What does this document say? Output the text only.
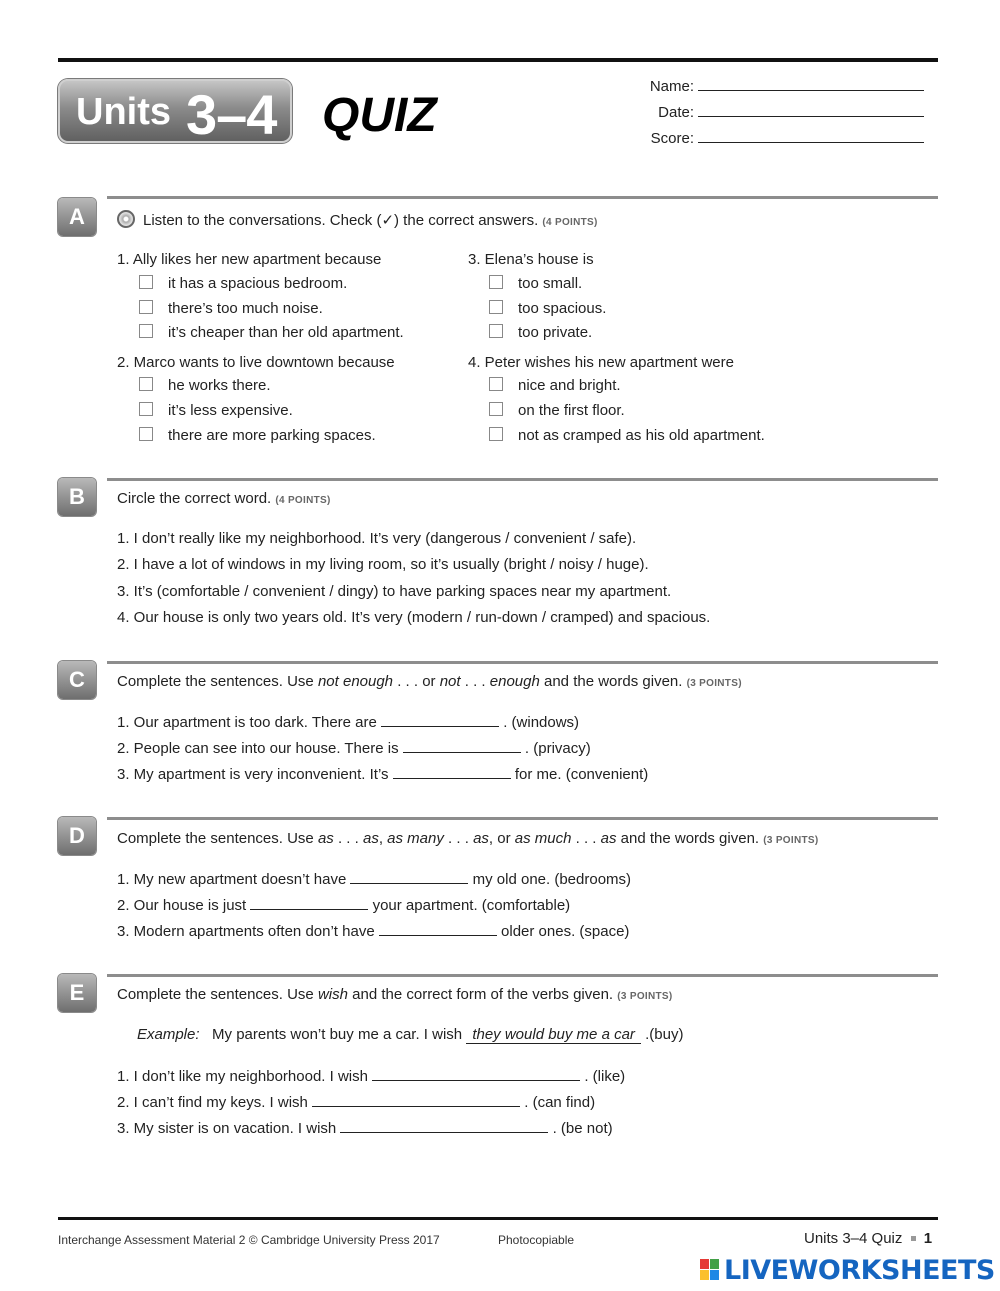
Units 3–4 QUIZ
Name:
Date:
Score:
A	Listen to the conversations. Check (✓) the correct answers. (4 POINTS)
1. Ally likes her new apartment because
it has a spacious bedroom.
there’s too much noise.
it’s cheaper than her old apartment.
2. Marco wants to live downtown because
he works there.
it’s less expensive.
there are more parking spaces.
3. Elena’s house is
too small.
too spacious.
too private.
4. Peter wishes his new apartment were
nice and bright.
on the first floor.
not as cramped as his old apartment.
B	Circle the correct word. (4 POINTS)
1. I don’t really like my neighborhood. It’s very (dangerous / convenient / safe).
2. I have a lot of windows in my living room, so it’s usually (bright / noisy / huge).
3. It’s (comfortable / convenient / dingy) to have parking spaces near my apartment.
4. Our house is only two years old. It’s very (modern / run-down / cramped) and spacious.
C	Complete the sentences. Use not enough . . . or not . . . enough and the words given. (3 POINTS)
1. Our apartment is too dark. There are	. (windows)
2. People can see into our house. There is	. (privacy)
3. My apartment is very inconvenient. It’s	for me. (convenient)
D	Complete the sentences. Use as . . . as, as many . . . as, or as much . . . as and the words given. (3 POINTS)
1. My new apartment doesn’t have	my old one. (bedrooms)
2. Our house is just	your apartment. (comfortable)
3. Modern apartments often don’t have	older ones. (space)
E	Complete the sentences. Use wish and the correct form of the verbs given. (3 POINTS)
Example: My parents won’t buy me a car. I wish they would buy me a car .(buy)
1. I don’t like my neighborhood. I wish	. (like)
2. I can’t find my keys. I wish	. (can find)
3. My sister is on vacation. I wish	. (be not)
Interchange Assessment Material 2 © Cambridge University Press 2017	Photocopiable	Units 3–4 Quiz 1
LIVEWORKSHEETS
